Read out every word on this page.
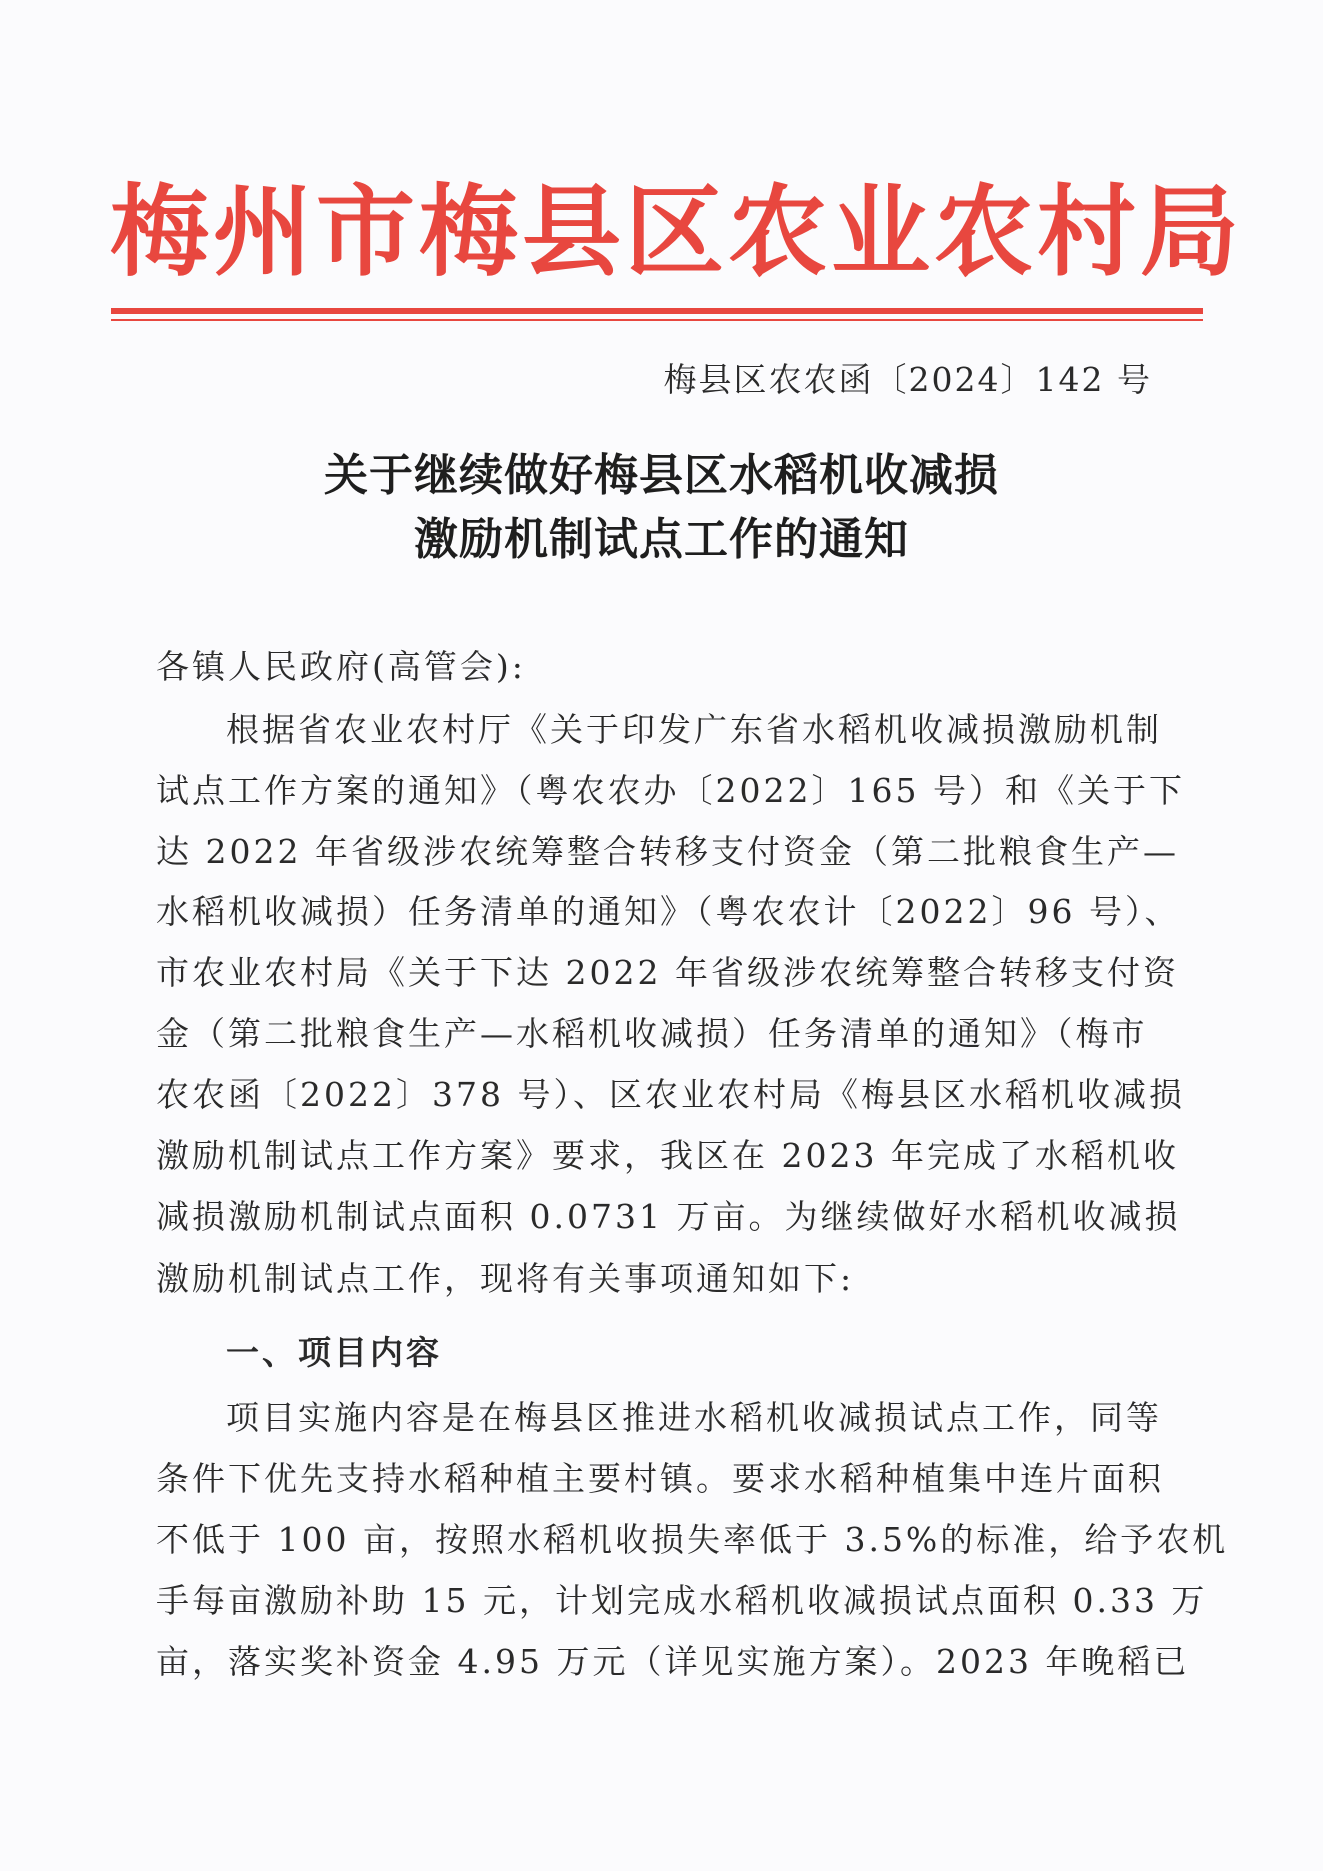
梅州市梅县区农业农村局
梅县区农农函〔2024〕142 号
关于继续做好梅县区水稻机收减损
激励机制试点工作的通知
各镇人民政府(高管会):
根据省农业农村厅《关于印发广东省水稻机收减损激励机制
试点工作方案的通知》（粤农农办〔2022〕165 号）和《关于下
达 2022 年省级涉农统筹整合转移支付资金（第二批粮食生产—
水稻机收减损）任务清单的通知》（粤农农计〔2022〕96 号）、
市农业农村局《关于下达 2022 年省级涉农统筹整合转移支付资
金（第二批粮食生产—水稻机收减损）任务清单的通知》（梅市
农农函〔2022〕378 号）、区农业农村局《梅县区水稻机收减损
激励机制试点工作方案》要求，我区在 2023 年完成了水稻机收
减损激励机制试点面积 0.0731 万亩。为继续做好水稻机收减损
激励机制试点工作，现将有关事项通知如下:
一、项目内容
项目实施内容是在梅县区推进水稻机收减损试点工作，同等
条件下优先支持水稻种植主要村镇。要求水稻种植集中连片面积
不低于 100 亩，按照水稻机收损失率低于 3.5%的标准，给予农机
手每亩激励补助 15 元，计划完成水稻机收减损试点面积 0.33 万
亩，落实奖补资金 4.95 万元（详见实施方案）。2023 年晚稻已
